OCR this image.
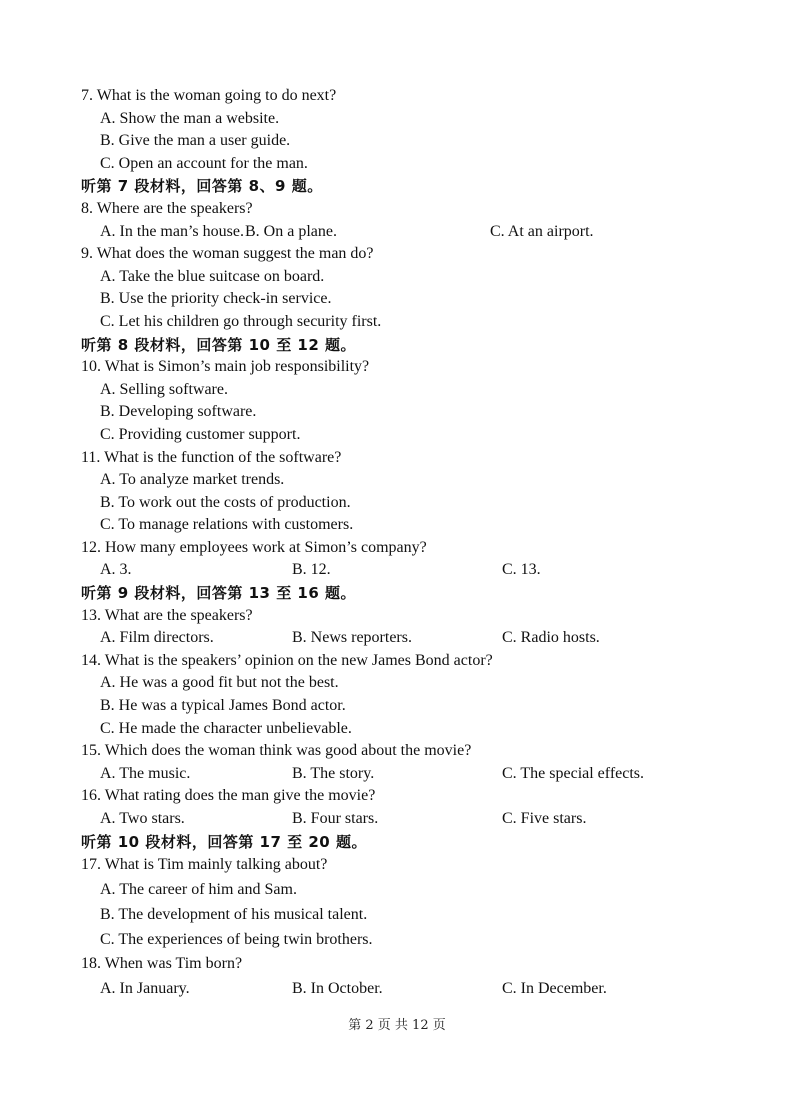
7. What is the woman going to do next?
A. Show the man a website.
B. Give the man a user guide.
C. Open an account for the man.
听第 7 段材料，回答第 8、9 题。
8. Where are the speakers?
A. In the man’s house. B. On a plane.	C. At an airport.
9. What does the woman suggest the man do?
A. Take the blue suitcase on board.
B. Use the priority check-in service.
C. Let his children go through security first.
听第 8 段材料，回答第 10 至 12 题。
10. What is Simon’s main job responsibility?
A. Selling software.
B. Developing software.
C. Providing customer support.
11. What is the function of the software?
A. To analyze market trends.
B. To work out the costs of production.
C. To manage relations with customers.
12. How many employees work at Simon’s company?
A. 3.	B. 12.	C. 13.
听第 9 段材料，回答第 13 至 16 题。
13. What are the speakers?
A. Film directors.	B. News reporters.	C. Radio hosts.
14. What is the speakers’ opinion on the new James Bond actor?
A. He was a good fit but not the best.
B. He was a typical James Bond actor.
C. He made the character unbelievable.
15. Which does the woman think was good about the movie?
A. The music.	B. The story.	C. The special effects.
16. What rating does the man give the movie?
A. Two stars.	B. Four stars.	C. Five stars.
听第 10 段材料，回答第 17 至 20 题。
17. What is Tim mainly talking about?
A. The career of him and Sam.
B. The development of his musical talent.
C. The experiences of being twin brothers.
18. When was Tim born?
A. In January.	B. In October.	C. In December.
第 2 页 共 12 页
